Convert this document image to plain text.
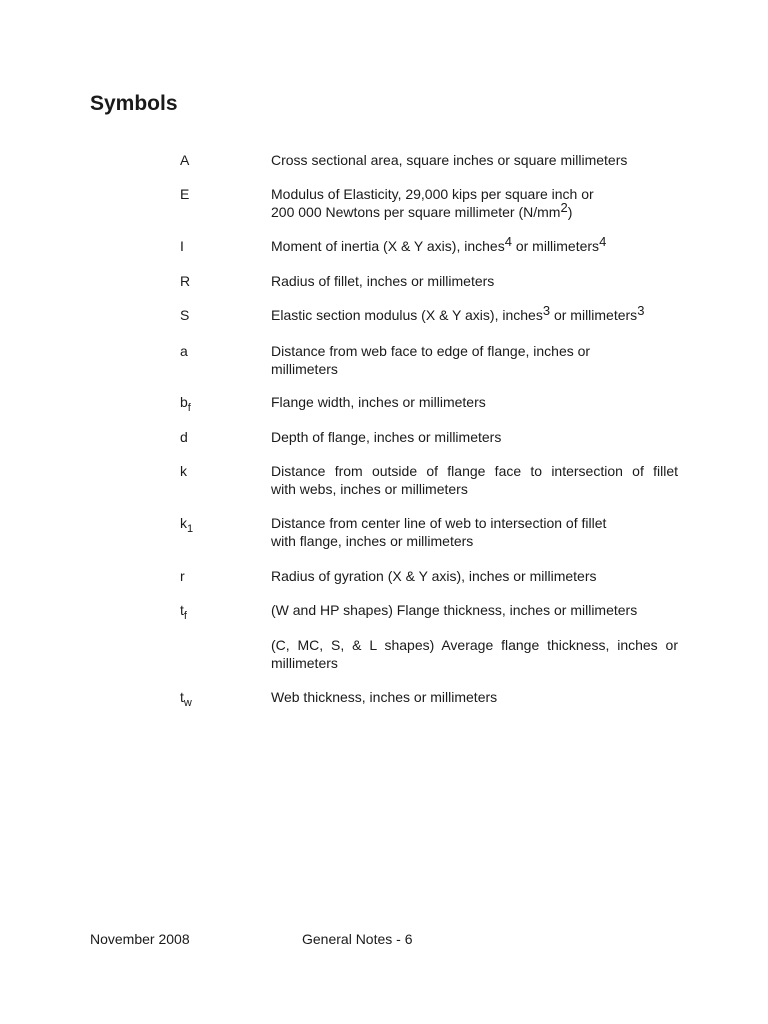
Symbols
A	Cross sectional area, square inches or square millimeters
E	Modulus of Elasticity, 29,000 kips per square inch or
200 000 Newtons per square millimeter $(N/mm^2)$
I	Moment of inertia (X & Y axis), inches$^4$ or millimeters$^4$
R	Radius of fillet, inches or millimeters
S	Elastic section modulus (X & Y axis), inches$^3$ or millimeters$^3$
a	Distance from web face to edge of flange, inches or millimeters
$b_f$	Flange width, inches or millimeters
d	Depth of flange, inches or millimeters
k	Distance from outside of flange face to intersection of fillet
with webs, inches or millimeters
$k_1$	Distance from center line of web to intersection of fillet
with flange, inches or millimeters
r	Radius of gyration (X & Y axis), inches or millimeters
$t_f$	(W and HP shapes) Flange thickness, inches or millimeters
(C, MC, S, & L shapes) Average flange thickness, inches or millimeters
$t_w$	Web thickness, inches or millimeters
November 2008	General Notes - 6
